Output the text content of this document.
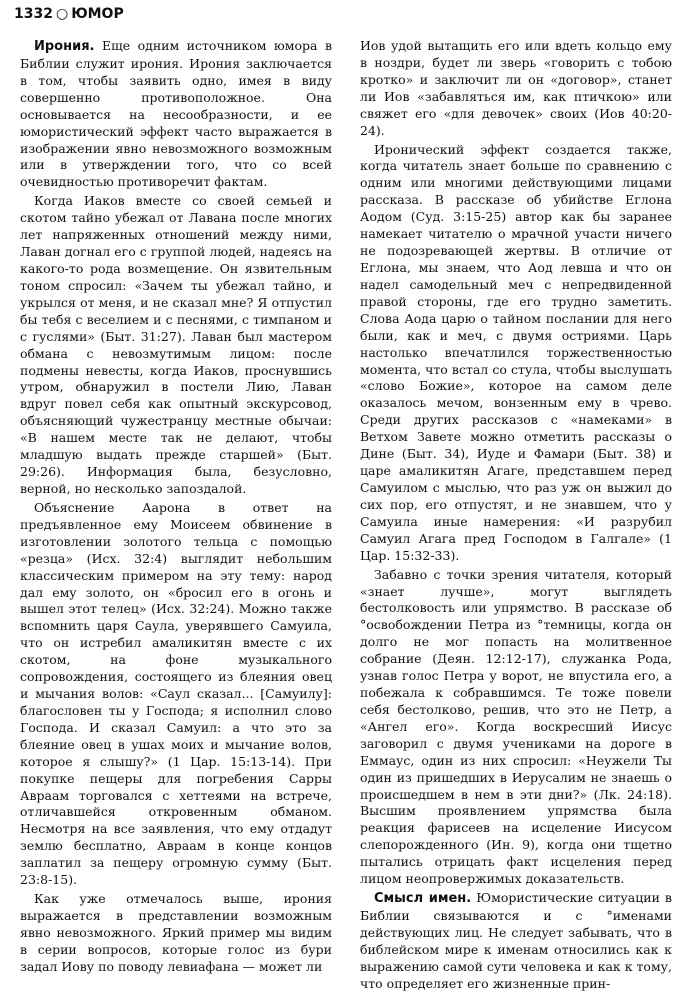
1332 ○ ЮМОР

Ирония. Еще одним источником юмора в Библии служит ирония. Ирония заключается в том, чтобы заявить одно, имея в виду совершенно противоположное. Она основывается на несообразности, и ее юмористический эффект часто выражается в изображении явно невозможного возможным или в утверждении того, что со всей очевидностью противоречит фактам.

Когда Иаков вместе со своей семьей и скотом тайно убежал от Лавана после многих лет напряженных отношений между ними, Лаван догнал его с группой людей, надеясь на какого-то рода возмещение. Он язвительным тоном спросил: «Зачем ты убежал тайно, и укрылся от меня, и не сказал мне? Я отпустил бы тебя с веселием и с песнями, с тимпаном и с гуслями» (Быт. 31:27). Лаван был мастером обмана с невозмутимым лицом: после подмены невесты, когда Иаков, проснувшись утром, обнаружил в постели Лию, Лаван вдруг повел себя как опытный экскурсовод, объясняющий чужестранцу местные обычаи: «В нашем месте так не делают, чтобы младшую выдать прежде старшей» (Быт. 29:26). Информация была, безусловно, верной, но несколько запоздалой.

Объяснение Аарона в ответ на предъявленное ему Моисеем обвинение в изготовлении золотого тельца с помощью «резца» (Исх. 32:4) выглядит небольшим классическим примером на эту тему: народ дал ему золото, он «бросил его в огонь и вышел этот телец» (Исх. 32:24). Можно также вспомнить царя Саула, уверявшего Самуила, что он истребил амаликитян вместе с их скотом, на фоне музыкального сопровождения, состоящего из блеяния овец и мычания волов: «Саул сказал... [Самуилу]: благословен ты у Господа; я исполнил слово Господа. И сказал Самуил: а что это за блеяние овец в ушах моих и мычание волов, которое я слышу?» (1 Цар. 15:13-14). При покупке пещеры для погребения Сарры Авраам торговался с хеттеями на встрече, отличавшейся откровенным обманом. Несмотря на все заявления, что ему отдадут землю бесплатно, Авраам в конце концов заплатил за пещеру огромную сумму (Быт. 23:8-15).

Как уже отмечалось выше, ирония выражается в представлении возможным явно невозможного. Яркий пример мы видим в серии вопросов, которые голос из бури задал Иову по поводу левиафана — может ли

Иов удой вытащить его или вдеть кольцо ему в ноздри, будет ли зверь «говорить с тобою кротко» и заключит ли он «договор», станет ли Иов «забавляться им, как птичкою» или свяжет его «для девочек» своих (Иов 40:20-24).

Иронический эффект создается также, когда читатель знает больше по сравнению с одним или многими действующими лицами рассказа. В рассказе об убийстве Еглона Аодом (Суд. 3:15-25) автор как бы заранее намекает читателю о мрачной участи ничего не подозревающей жертвы. В отличие от Еглона, мы знаем, что Аод левша и что он надел самодельный меч с непредвиденной правой стороны, где его трудно заметить. Слова Аода царю о тайном послании для него были, как и меч, с двумя остриями. Царь настолько впечатлился торжественностью момента, что встал со стула, чтобы выслушать «слово Божие», которое на самом деле оказалось мечом, вонзенным ему в чрево. Среди других рассказов с «намеками» в Ветхом Завете можно отметить рассказы о Дине (Быт. 34), Иуде и Фамари (Быт. 38) и царе амаликитян Агаге, представшем перед Самуилом с мыслью, что раз уж он выжил до сих пор, его отпустят, и не знавшем, что у Самуила иные намерения: «И разрубил Самуил Агага пред Господом в Галгале» (1 Цар. 15:32-33).

Забавно с точки зрения читателя, который «знает лучше», могут выглядеть бестолковость или упрямство. В рассказе об °освобождении Петра из °темницы, когда он долго не мог попасть на молитвенное собрание (Деян. 12:12-17), служанка Рода, узнав голос Петра у ворот, не впустила его, а побежала к собравшимся. Те тоже повели себя бестолково, решив, что это не Петр, а «Ангел его». Когда воскресший Иисус заговорил с двумя учениками на дороге в Еммаус, один из них спросил: «Неужели Ты один из пришедших в Иерусалим не знаешь о происшедшем в нем в эти дни?» (Лк. 24:18). Высшим проявлением упрямства была реакция фарисеев на исцеление Иисусом слепорожденного (Ин. 9), когда они тщетно пытались отрицать факт исцеления перед лицом неопровержимых доказательств.

Смысл имен. Юмористические ситуации в Библии связываются и с °именами действующих лиц. Не следует забывать, что в библейском мире к именам относились как к выражению самой сути человека и как к тому, что определяет его жизненные прин-
